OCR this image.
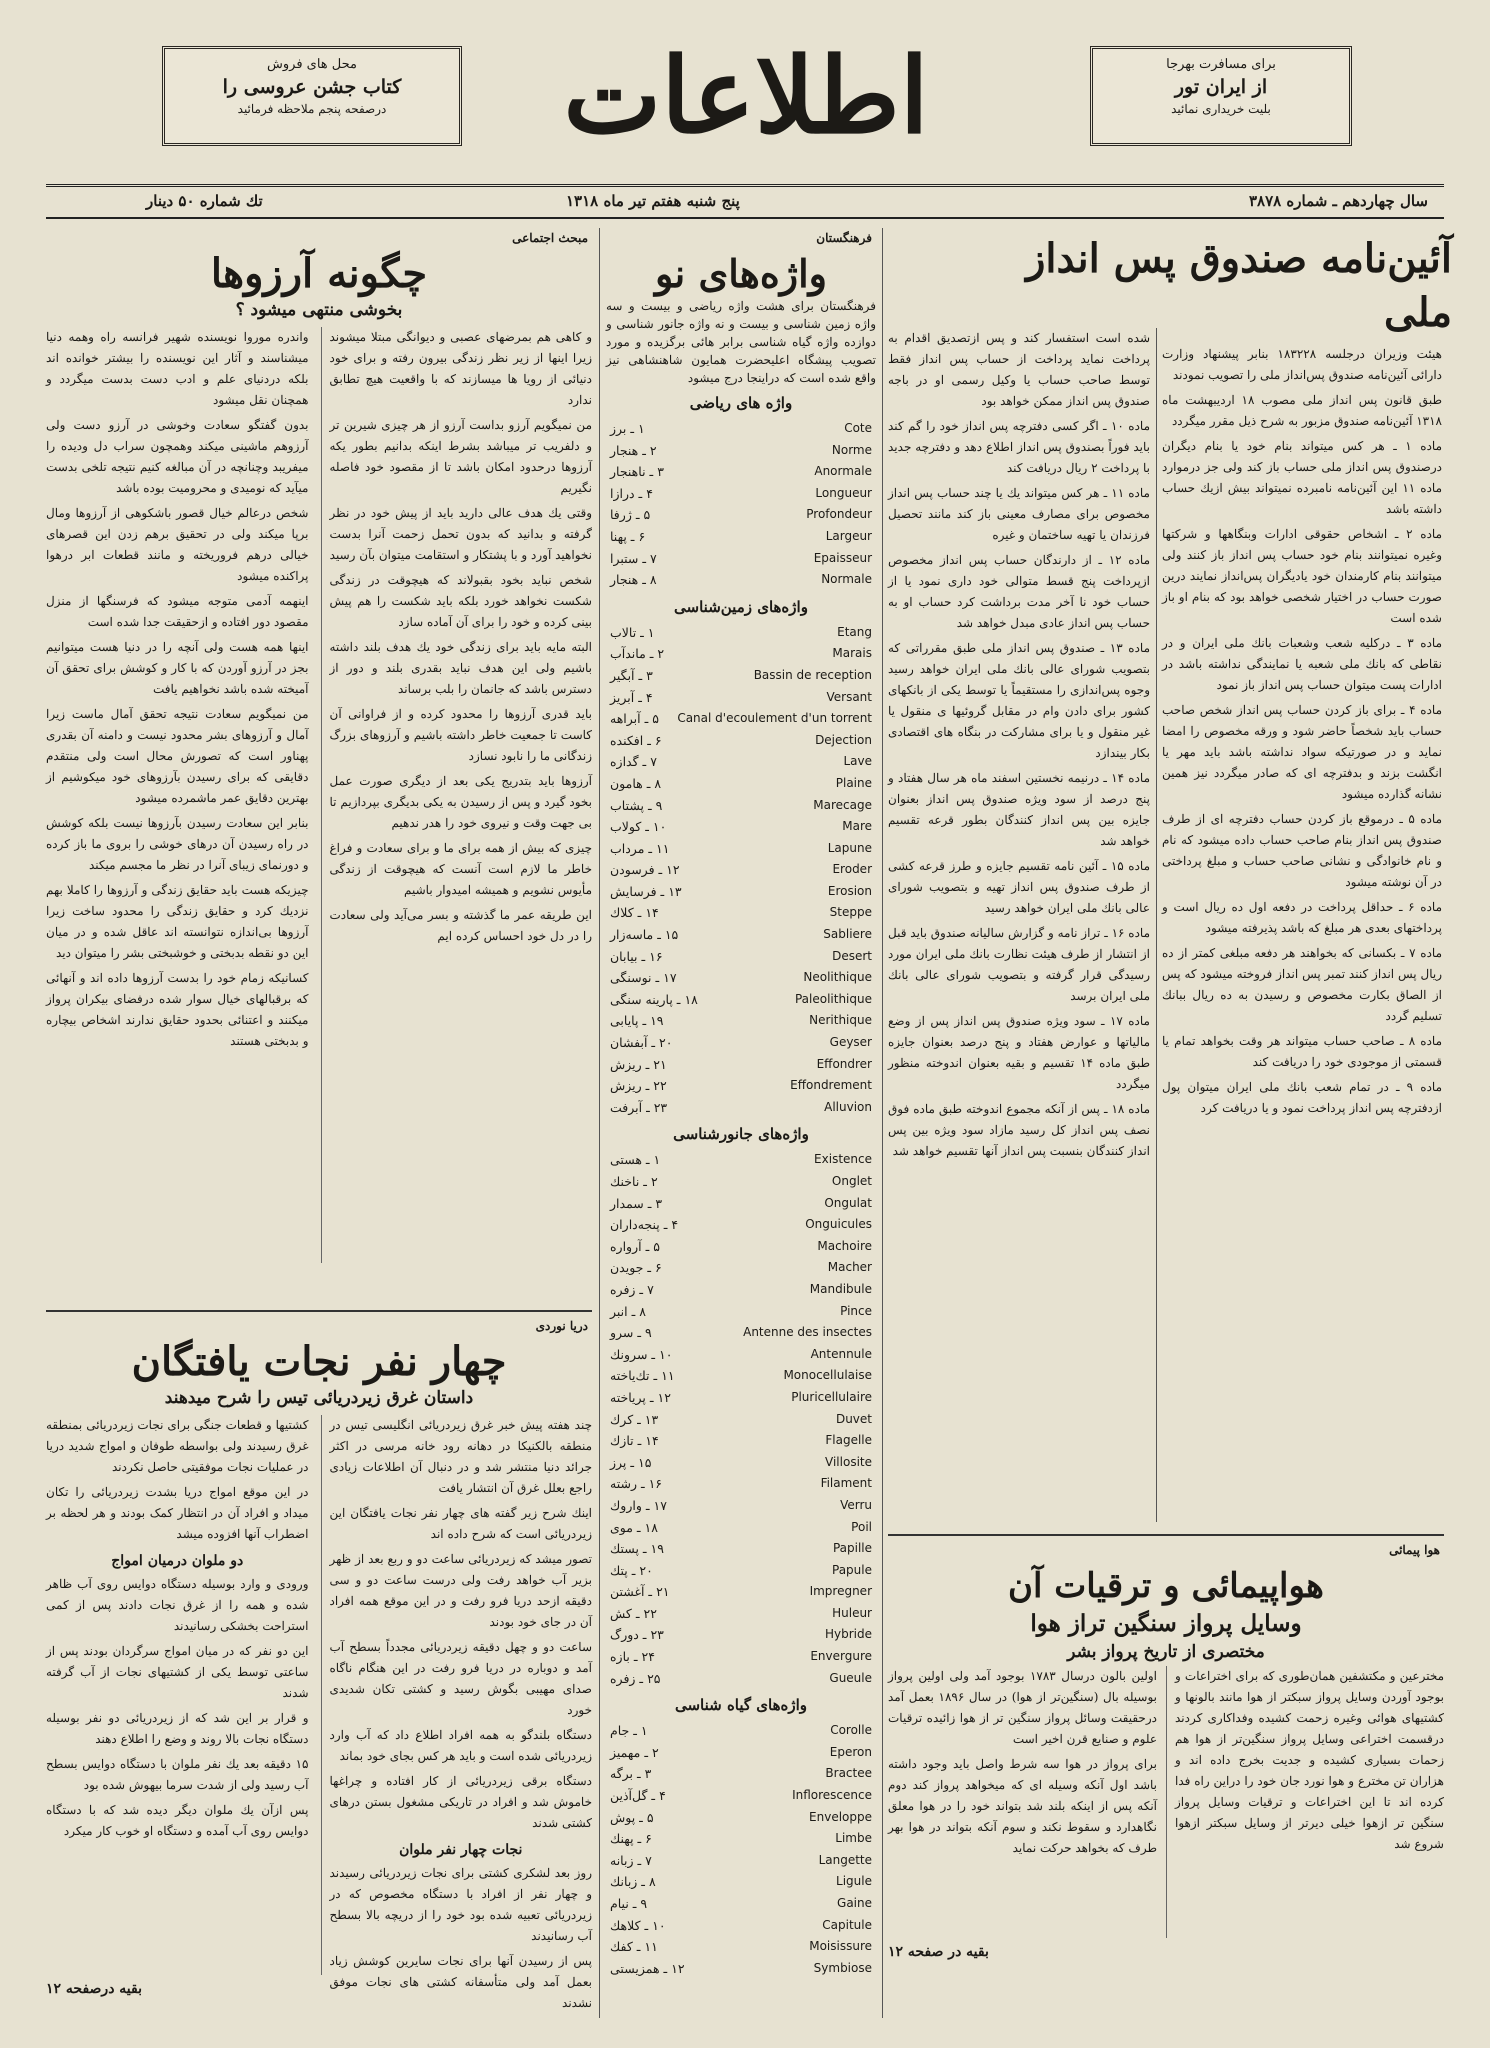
محل های فروش
کتاب جشن عروسی را
درصفحه پنجم ملاحظه فرمائید	اطلاعات	برای مسافرت بهرجا
از ایران تور
بلیت خریداری نمائید
سال چهاردهم ـ شماره ۳۸۷۸
پنج شنبه هفتم تیر ماه ۱۳۱۸
تك شماره ۵۰ دینار
آئین‌نامه صندوق پس انداز ملی

هیئت وزیران درجلسه ۱۸۳۲۲۸ بنابر پیشنهاد وزارت دارائی آئین‌نامه صندوق پس‌انداز ملی را تصویب نمودند

طبق قانون پس انداز ملی مصوب ۱۸ اردیبهشت ماه ۱۳۱۸ آئین‌نامه صندوق مزبور به شرح ذیل مقرر میگردد

ماده ۱ ـ هر کس میتواند بنام خود یا بنام دیگران درصندوق پس انداز ملی حساب باز کند ولی جز درموارد ماده ۱۱ این آئین‌نامه نامبرده نمیتواند بیش ازیك حساب داشته باشد

ماده ۲ ـ اشخاص حقوقی ادارات وبنگاهها و شرکتها وغیره نمیتوانند بنام خود حساب پس انداز باز کنند ولی میتوانند بنام کارمندان خود یادیگران پس‌انداز نمایند درین صورت حساب در اختیار شخصی خواهد بود که بنام او باز شده است

ماده ۳ ـ درکلیه شعب وشعبات بانك ملی ایران و در نقاطی که بانك ملی شعبه یا نمایندگی نداشته باشد در ادارات پست میتوان حساب پس انداز باز نمود

ماده ۴ ـ برای باز کردن حساب پس انداز شخص صاحب حساب باید شخصاً حاضر شود و ورقه مخصوص را امضا نماید و در صورتیکه سواد نداشته باشد باید مهر یا انگشت بزند و بدفترچه ای که صادر میگردد نیز همین نشانه گذارده میشود

ماده ۵ ـ درموقع باز کردن حساب دفترچه ای از طرف صندوق پس انداز بنام صاحب حساب داده میشود که نام و نام خانوادگی و نشانی صاحب حساب و مبلغ پرداختی در آن نوشته میشود

ماده ۶ ـ حداقل پرداخت در دفعه اول ده ریال است و پرداختهای بعدی هر مبلغ که باشد پذیرفته میشود

ماده ۷ ـ بکسانی که بخواهند هر دفعه مبلغی کمتر از ده ریال پس انداز کنند تمبر پس انداز فروخته میشود که پس از الصاق بکارت مخصوص و رسیدن به ده ریال ببانك تسلیم گردد

ماده ۸ ـ صاحب حساب میتواند هر وقت بخواهد تمام یا قسمتی از موجودی خود را دریافت کند

ماده ۹ ـ در تمام شعب بانك ملی ایران میتوان پول ازدفترچه پس انداز پرداخت نمود و یا دریافت کرد

شده است استفسار کند و پس ازتصدیق اقدام به پرداخت نماید پرداخت از حساب پس انداز فقط توسط صاحب حساب یا وکیل رسمی او در باجه صندوق پس انداز ممکن خواهد بود

ماده ۱۰ ـ اگر کسی دفترچه پس انداز خود را گم کند باید فوراً بصندوق پس انداز اطلاع دهد و دفترچه جدید با پرداخت ۲ ریال دریافت کند

ماده ۱۱ ـ هر کس میتواند یك یا چند حساب پس انداز مخصوص برای مصارف معینی باز کند مانند تحصیل فرزندان یا تهیه ساختمان و غیره

ماده ۱۲ ـ از دارندگان حساب پس انداز مخصوص ازپرداخت پنج قسط متوالی خود داری نمود یا از حساب خود نا آخر مدت برداشت کرد حساب او به حساب پس انداز عادی مبدل خواهد شد

ماده ۱۳ ـ صندوق پس انداز ملی طبق مقرراتی که بتصویب شورای عالی بانك ملی ایران خواهد رسید وجوه پس‌اندازی را مستقیماً یا توسط یکی از بانکهای کشور برای دادن وام در مقابل گروئیها ی منقول یا غیر منقول و یا برای مشارکت در بنگاه های اقتصادی بکار بیندازد

ماده ۱۴ ـ درنیمه نخستین اسفند ماه هر سال هفتاد و پنج درصد از سود ویژه صندوق پس انداز بعنوان جایزه بین پس انداز کنندگان بطور قرعه تقسیم خواهد شد

ماده ۱۵ ـ آئین نامه تقسیم جایزه و طرز قرعه کشی از طرف صندوق پس انداز تهیه و بتصویب شورای عالی بانك ملی ایران خواهد رسید

ماده ۱۶ ـ تراز نامه و گزارش سالیانه صندوق باید قبل از انتشار از طرف هیئت نظارت بانك ملی ایران مورد رسیدگی قرار گرفته و بتصویب شورای عالی بانك ملی ایران برسد

ماده ۱۷ ـ سود ویژه صندوق پس انداز پس از وضع مالیاتها و عوارض هفتاد و پنج درصد بعنوان جایزه طبق ماده ۱۴ تقسیم و بقیه بعنوان اندوخته منظور میگردد

ماده ۱۸ ـ پس از آنکه مجموع اندوخته طبق ماده فوق نصف پس انداز کل رسید مازاد سود ویژه بین پس انداز کنندگان بنسبت پس انداز آنها تقسیم خواهد شد

هوا پیمائی
هواپیمائی و ترقیات آن
وسایل پرواز سنگین تراز هوا
مختصری از تاریخ پرواز بشر

مخترعین و مکتشفین همان‌طوری که برای اختراعات و بوجود آوردن وسایل پرواز سبکتر از هوا مانند بالونها و کشتیهای هوائی وغیره زحمت کشیده وفداکاری کردند درقسمت اختراعی وسایل پرواز سنگین‌تر از هوا هم زحمات بسیاری کشیده و جدیت بخرج داده اند و هزاران تن مخترع و هوا نورد جان خود را دراین راه فدا کرده اند تا این اختراعات و ترقیات وسایل پرواز سنگین تر ازهوا خیلی دیرتر از وسایل سبکتر ازهوا شروع شد

اولین بالون درسال ۱۷۸۳ بوجود آمد ولی اولین پرواز بوسیله بال (سنگین‌تر از هوا) در سال ۱۸۹۶ بعمل آمد درحقیقت وسائل پرواز سنگین تر از هوا زائیده ترقیات علوم و صنایع قرن اخیر است

برای پرواز در هوا سه شرط واصل باید وجود داشته باشد اول آنکه وسیله ای که میخواهد پرواز کند دوم آنکه پس از اینکه بلند شد بتواند خود را در هوا معلق نگاهدارد و سقوط نکند و سوم آنکه بتواند در هوا بهر طرف که بخواهد حرکت نماید

بقیه در صفحه ۱۲
فرهنگستان
واژه‌های نو
فرهنگستان برای هشت واژه ریاضی و بیست و سه واژه زمین شناسی و بیست و نه واژه جانور شناسی و دوازده واژه گیاه شناسی برابر هائی برگزیده و مورد تصویب پیشگاه اعلیحضرت همایون شاهنشاهی نیز واقع شده است که دراینجا درج میشود
واژه های ریاضی
Cote
۱ ـ برز
Norme
۲ ـ هنجار
Anormale
۳ ـ ناهنجار
Longueur
۴ ـ درازا
Profondeur
۵ ـ ژرفا
Largeur
۶ ـ پهنا
Epaisseur
۷ ـ ستبرا
Normale
۸ ـ هنجار
واژه‌های زمین‌شناسی
Etang
۱ ـ تالاب
Marais
۲ ـ ماندآب
Bassin de reception
۳ ـ آبگیر
Versant
۴ ـ آبریز
Canal d'ecoulement d'un torrent
۵ ـ آبراهه
Dejection
۶ ـ افکنده
Lave
۷ ـ گدازه
Plaine
۸ ـ هامون
Marecage
۹ ـ پشتاب
Mare
۱۰ ـ کولاب
Lapune
۱۱ ـ مرداب
Eroder
۱۲ ـ فرسودن
Erosion
۱۳ ـ فرسایش
Steppe
۱۴ ـ کلاك
Sabliere
۱۵ ـ ماسه‌زار
Desert
۱۶ ـ بیابان
Neolithique
۱۷ ـ نوسنگی
Paleolithique
۱۸ ـ پارینه سنگی
Nerithique
۱۹ ـ پایابی
Geyser
۲۰ ـ آبفشان
Effondrer
۲۱ ـ ریزش
Effondrement
۲۲ ـ ریزش
Alluvion
۲۳ ـ آبرفت
واژه‌های جانورشناسی
Existence
۱ ـ هستی
Onglet
۲ ـ ناخنك
Ongulat
۳ ـ سمدار
Onguicules
۴ ـ پنجه‌داران
Machoire
۵ ـ آرواره
Macher
۶ ـ جویدن
Mandibule
۷ ـ زفره
Pince
۸ ـ انبر
Antenne des insectes
۹ ـ سرو
Antennule
۱۰ ـ سرونك
Monocellulaise
۱۱ ـ تك‌یاخته
Pluricellulaire
۱۲ ـ پریاخته
Duvet
۱۳ ـ کرك
Flagelle
۱۴ ـ تازك
Villosite
۱۵ ـ پرز
Filament
۱۶ ـ رشته
Verru
۱۷ ـ واروك
Poil
۱۸ ـ موی
Papille
۱۹ ـ پستك
Papule
۲۰ ـ پتك
Impregner
۲۱ ـ آغشتن
Huleur
۲۲ ـ کش
Hybride
۲۳ ـ دورگ
Envergure
۲۴ ـ بازه
Gueule
۲۵ ـ زفره
واژه‌های گیاه شناسی
Corolle
۱ ـ جام
Eperon
۲ ـ مهمیز
Bractee
۳ ـ برگه
Inflorescence
۴ ـ گل‌آذین
Enveloppe
۵ ـ پوش
Limbe
۶ ـ پهنك
Langette
۷ ـ زبانه
Ligule
۸ ـ زبانك
Gaine
۹ ـ نیام
Capitule
۱۰ ـ کلاهك
Moisissure
۱۱ ـ کفك
Symbiose
۱۲ ـ همزیستی
مبحث اجتماعی
چگونه آرزوها
بخوشی منتهی میشود ؟

و کاهی هم بمرضهای عصبی و دیوانگی مبتلا میشوند زیرا اینها از زیر نظر زندگی بیرون رفته و برای خود دنیائی از رویا ها میسازند که با واقعیت هیچ تطابق ندارد

من نمیگویم آرزو بداست آرزو از هر چیزی شیرین تر و دلفریب تر میباشد بشرط اینکه بدانیم بطور یکه آرزوها درحدود امکان باشد تا از مقصود خود فاصله نگیریم

وقتی یك هدف عالی دارید باید از پیش خود در نظر گرفته و بدانید که بدون تحمل زحمت آنرا بدست نخواهید آورد و با پشتکار و استقامت میتوان بآن رسید

شخص نباید بخود بقبولاند که هیچوقت در زندگی شکست نخواهد خورد بلکه باید شکست را هم پیش بینی کرده و خود را برای آن آماده سازد

البته مایه باید برای زندگی خود یك هدف بلند داشته باشیم ولی این هدف نباید بقدری بلند و دور از دسترس باشد که جانمان را بلب برساند

باید قدری آرزوها را محدود کرده و از فراوانی آن کاست تا جمعیت خاطر داشته باشیم و آرزوهای بزرگ زندگانی ما را نابود نسازد

آرزوها باید بتدریج یکی بعد از دیگری صورت عمل بخود گیرد و پس از رسیدن به یکی بدیگری بپردازیم تا بی جهت وقت و نیروی خود را هدر ندهیم

چیزی که بیش از همه برای ما و برای سعادت و فراغ خاطر ما لازم است آنست که هیچوقت از زندگی مأیوس نشویم و همیشه امیدوار باشیم

این طریقه عمر ما گذشته و بسر می‌آید ولی سعادت را در دل خود احساس کرده ایم

واندره موروا نویسنده شهیر فرانسه راه وهمه دنیا میشناسند و آثار این نویسنده را بیشتر خوانده اند بلکه دردنیای علم و ادب دست بدست میگردد و همچنان نقل میشود

بدون گفتگو سعادت وخوشی در آرزو دست ولی آرزوهم ماشینی میکند وهمچون سراب دل ودیده را میفریبد وچنانچه در آن مبالغه کنیم نتیجه تلخی بدست میآید که نومیدی و محرومیت بوده باشد

شخص درعالم خیال قصور باشکوهی از آرزوها ومال برپا میکند ولی در تحقیق برهم زدن این قصرهای خیالی درهم فروریخته و مانند قطعات ابر درهوا پراکنده میشود

اینهمه آدمی متوجه میشود که فرسنگها از منزل مقصود دور افتاده و ازحقیقت جدا شده است

اینها همه هست ولی آنچه را در دنیا هست میتوانیم بجز در آرزو آوردن که با کار و کوشش برای تحقق آن آمیخته شده باشد نخواهیم یافت

من نمیگویم سعادت نتیجه تحقق آمال ماست زیرا آمال و آرزوهای بشر محدود نیست و دامنه آن بقدری پهناور است که تصورش محال است ولی منتقدم دقایقی که برای رسیدن بآرزوهای خود میکوشیم از بهترین دقایق عمر ماشمرده میشود

بنابر این سعادت رسیدن بآرزوها نیست بلکه کوشش در راه رسیدن آن درهای خوشی را بروی ما باز کرده و دورنمای زیبای آنرا در نظر ما مجسم میکند

چیزیکه هست باید حقایق زندگی و آرزوها را کاملا بهم نزدیك کرد و حقایق زندگی را محدود ساخت زیرا آرزوها بی‌اندازه نتوانسته اند عاقل شده و در میان این دو نقطه بدبختی و خوشبختی بشر را میتوان دید

کسانیکه زمام خود را بدست آرزوها داده اند و آنهائی که برقبالهای خیال سوار شده درفضای بیکران پرواز میکنند و اعتنائی بحدود حقایق ندارند اشخاص بیچاره و بدبختی هستند

دریا نوردی
چهار نفر نجات یافتگان
داستان غرق زیردریائی تیس را شرح میدهند

چند هفته پیش خبر غرق زیردریائی انگلیسی تیس در منطقه بالکنیکا در دهانه رود خانه مرسی در اکثر جرائد دنیا منتشر شد و در دنبال آن اطلاعات زیادی راجع بعلل غرق آن انتشار یافت

اینك شرح زیر گفته های چهار نفر نجات یافتگان این زیردریائی است که شرح داده اند

تصور میشد که زیردریائی ساعت دو و ربع بعد از ظهر بزیر آب خواهد رفت ولی درست ساعت دو و سی دقیقه ازحد دریا فرو رفت و در این موقع همه افراد آن در جای خود بودند

ساعت دو و چهل دقیقه زیردریائی مجدداً بسطح آب آمد و دوباره در دریا فرو رفت در این هنگام ناگاه صدای مهیبی بگوش رسید و کشتی تکان شدیدی خورد

دستگاه بلندگو به همه افراد اطلاع داد که آب وارد زیردریائی شده است و باید هر کس بجای خود بماند

دستگاه برقی زیردریائی از کار افتاده و چراغها خاموش شد و افراد در تاریکی مشغول بستن درهای کشتی شدند

نجات چهار نفر ملوان

روز بعد لشکری کشتی برای نجات زیردریائی رسیدند و چهار نفر از افراد با دستگاه مخصوص که در زیردریائی تعبیه شده بود خود را از دریچه بالا بسطح آب رسانیدند

پس از رسیدن آنها برای نجات سایرین کوشش زیاد بعمل آمد ولی متأسفانه کشتی های نجات موفق نشدند

کشتیها و قطعات جنگی برای نجات زیردریائی بمنطقه غرق رسیدند ولی بواسطه طوفان و امواج شدید دریا در عملیات نجات موفقیتی حاصل نکردند

در این موقع امواج دریا بشدت زیردریائی را تکان میداد و افراد آن در انتظار کمک بودند و هر لحظه بر اضطراب آنها افزوده میشد

دو ملوان درمیان امواج

ورودی و وارد بوسیله دستگاه دوایس روی آب ظاهر شده و همه را از غرق نجات دادند پس از کمی استراحت بخشکی رسانیدند

این دو نفر که در میان امواج سرگردان بودند پس از ساعتی توسط یکی از کشتیهای نجات از آب گرفته شدند

و قرار بر این شد که از زیردریائی دو نفر بوسیله دستگاه نجات بالا روند و وضع را اطلاع دهند

۱۵ دقیقه بعد یك نفر ملوان با دستگاه دوایس بسطح آب رسید ولی از شدت سرما بیهوش شده بود

پس ازآن یك ملوان دیگر دیده شد که با دستگاه دوایس روی آب آمده و دستگاه او خوب کار میکرد

بقیه درصفحه ۱۲
